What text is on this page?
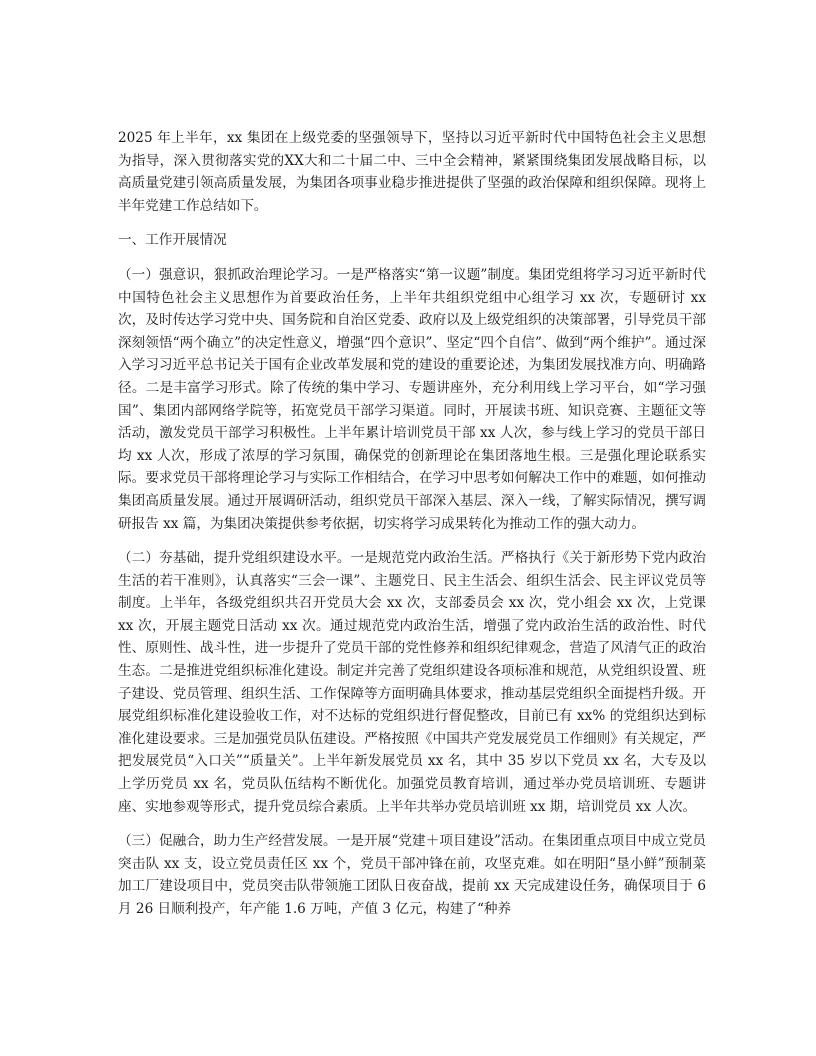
2025 年上半年，xx 集团在上级党委的坚强领导下，坚持以习近平新时代中国特色社会主义思想为指导，深入贯彻落实党的XX大和二十届二中、三中全会精神，紧紧围绕集团发展战略目标，以高质量党建引领高质量发展，为集团各项事业稳步推进提供了坚强的政治保障和组织保障。现将上半年党建工作总结如下。

一、工作开展情况

（一）强意识，狠抓政治理论学习。一是严格落实“第一议题”制度。集团党组将学习习近平新时代中国特色社会主义思想作为首要政治任务，上半年共组织党组中心组学习 xx 次，专题研讨 xx 次，及时传达学习党中央、国务院和自治区党委、政府以及上级党组织的决策部署，引导党员干部深刻领悟“两个确立”的决定性意义，增强“四个意识”、坚定“四个自信”、做到“两个维护”。通过深入学习习近平总书记关于国有企业改革发展和党的建设的重要论述，为集团发展找准方向、明确路径。二是丰富学习形式。除了传统的集中学习、专题讲座外，充分利用线上学习平台，如“学习强国”、集团内部网络学院等，拓宽党员干部学习渠道。同时，开展读书班、知识竞赛、主题征文等活动，激发党员干部学习积极性。上半年累计培训党员干部 xx 人次，参与线上学习的党员干部日均 xx 人次，形成了浓厚的学习氛围，确保党的创新理论在集团落地生根。三是强化理论联系实际。要求党员干部将理论学习与实际工作相结合，在学习中思考如何解决工作中的难题，如何推动集团高质量发展。通过开展调研活动，组织党员干部深入基层、深入一线，了解实际情况，撰写调研报告 xx 篇，为集团决策提供参考依据，切实将学习成果转化为推动工作的强大动力。

（二）夯基础，提升党组织建设水平。一是规范党内政治生活。严格执行《关于新形势下党内政治生活的若干准则》，认真落实“三会一课”、主题党日、民主生活会、组织生活会、民主评议党员等制度。上半年，各级党组织共召开党员大会 xx 次，支部委员会 xx 次，党小组会 xx 次，上党课 xx 次，开展主题党日活动 xx 次。通过规范党内政治生活，增强了党内政治生活的政治性、时代性、原则性、战斗性，进一步提升了党员干部的党性修养和组织纪律观念，营造了风清气正的政治生态。二是推进党组织标准化建设。制定并完善了党组织建设各项标准和规范，从党组织设置、班子建设、党员管理、组织生活、工作保障等方面明确具体要求，推动基层党组织全面提档升级。开展党组织标准化建设验收工作，对不达标的党组织进行督促整改，目前已有 xx% 的党组织达到标准化建设要求。三是加强党员队伍建设。严格按照《中国共产党发展党员工作细则》有关规定，严把发展党员“入口关”“质量关”。上半年新发展党员 xx 名，其中 35 岁以下党员 xx 名，大专及以上学历党员 xx 名，党员队伍结构不断优化。加强党员教育培训，通过举办党员培训班、专题讲座、实地参观等形式，提升党员综合素质。上半年共举办党员培训班 xx 期，培训党员 xx 人次。

（三）促融合，助力生产经营发展。一是开展“党建＋项目建设”活动。在集团重点项目中成立党员突击队 xx 支，设立党员责任区 xx 个，党员干部冲锋在前，攻坚克难。如在明阳“垦小鲜”预制菜加工厂建设项目中，党员突击队带领施工团队日夜奋战，提前 xx 天完成建设任务，确保项目于 6 月 26 日顺利投产，年产能 1.6 万吨，产值 3 亿元，构建了“种养
